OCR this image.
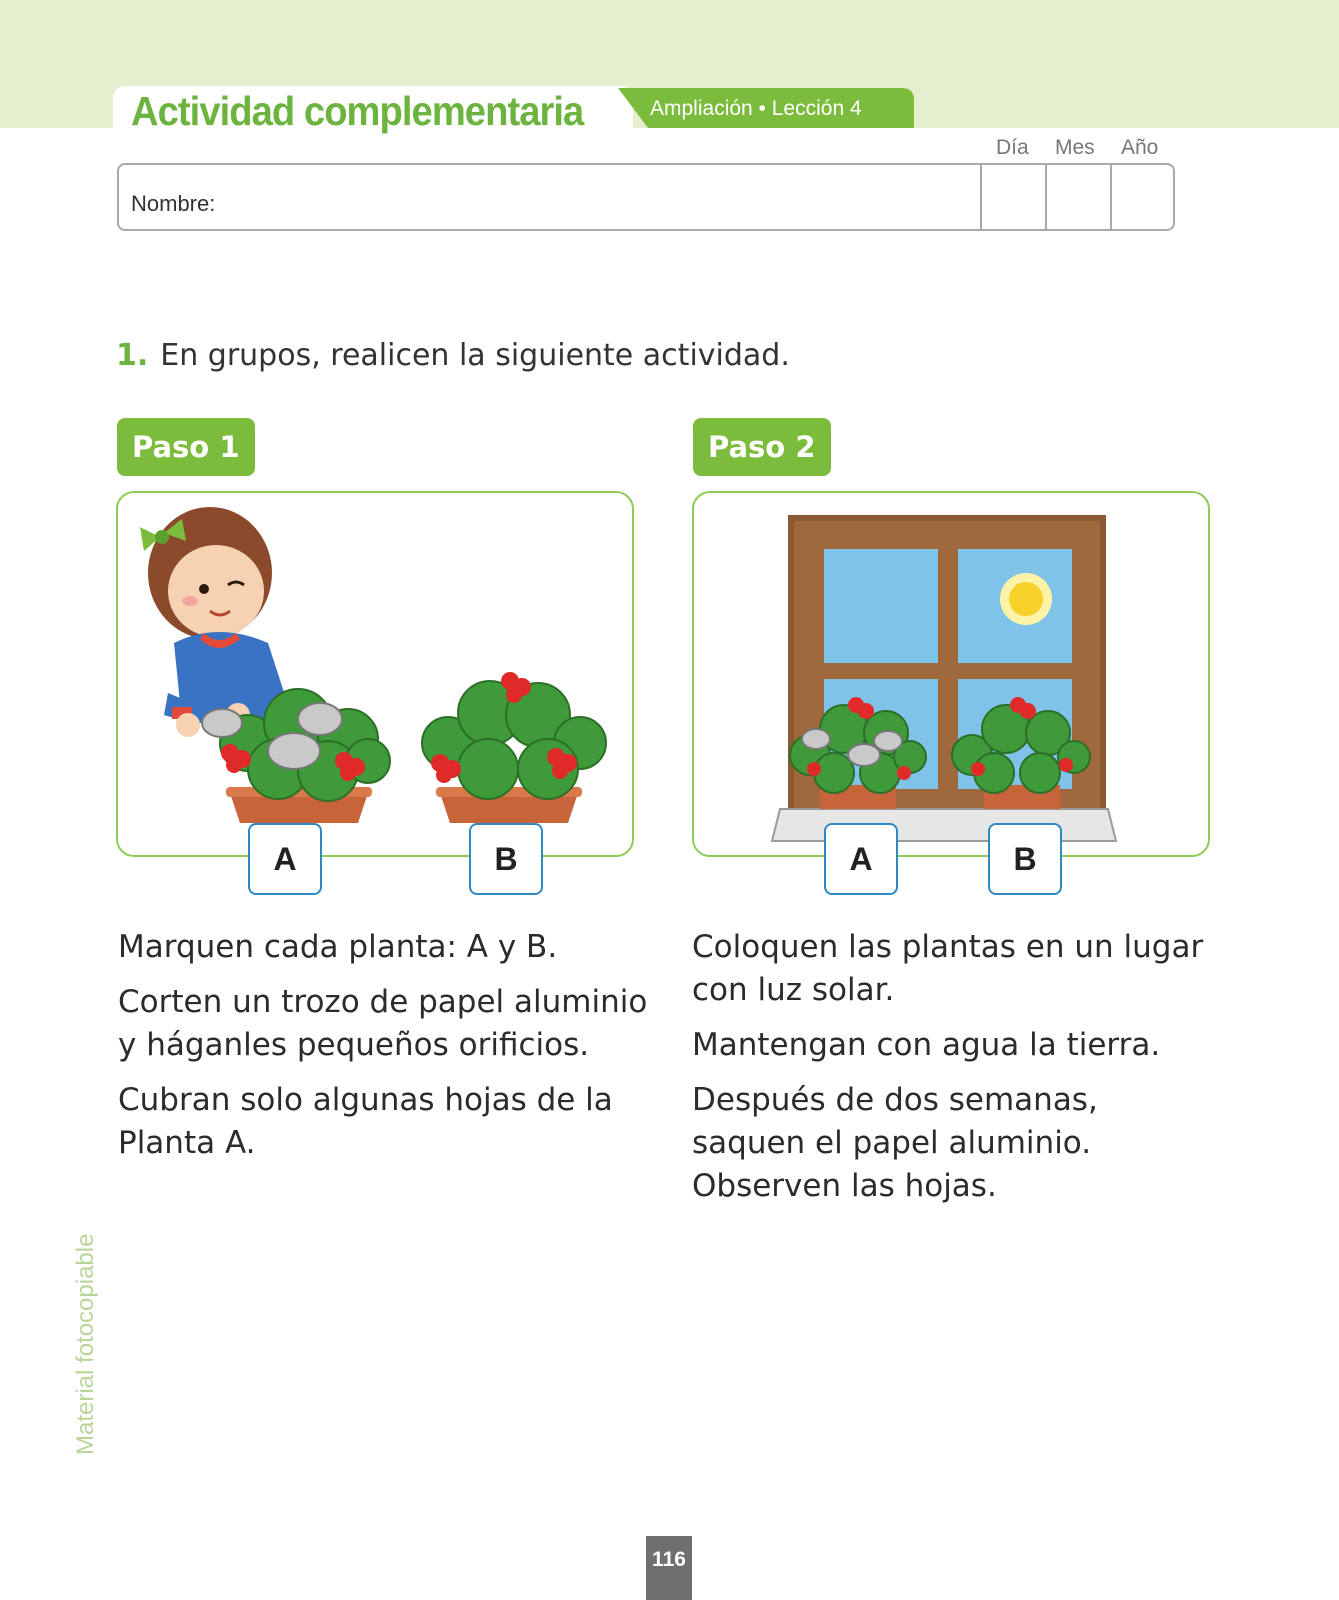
Actividad complementaria	Ampliación • Lección 4
Día Mes Año
Nombre:
1. En grupos, realicen la siguiente actividad.
Paso 1
A	B
Paso 2
A	B

Marquen cada planta: A y B.

Corten un trozo de papel aluminio y háganles pequeños orificios.

Cubran solo algunas hojas de la Planta A.

Coloquen las plantas en un lugar con luz solar.

Mantengan con agua la tierra.

Después de dos semanas, saquen el papel aluminio. Observen las hojas.

Material fotocopiable
116
